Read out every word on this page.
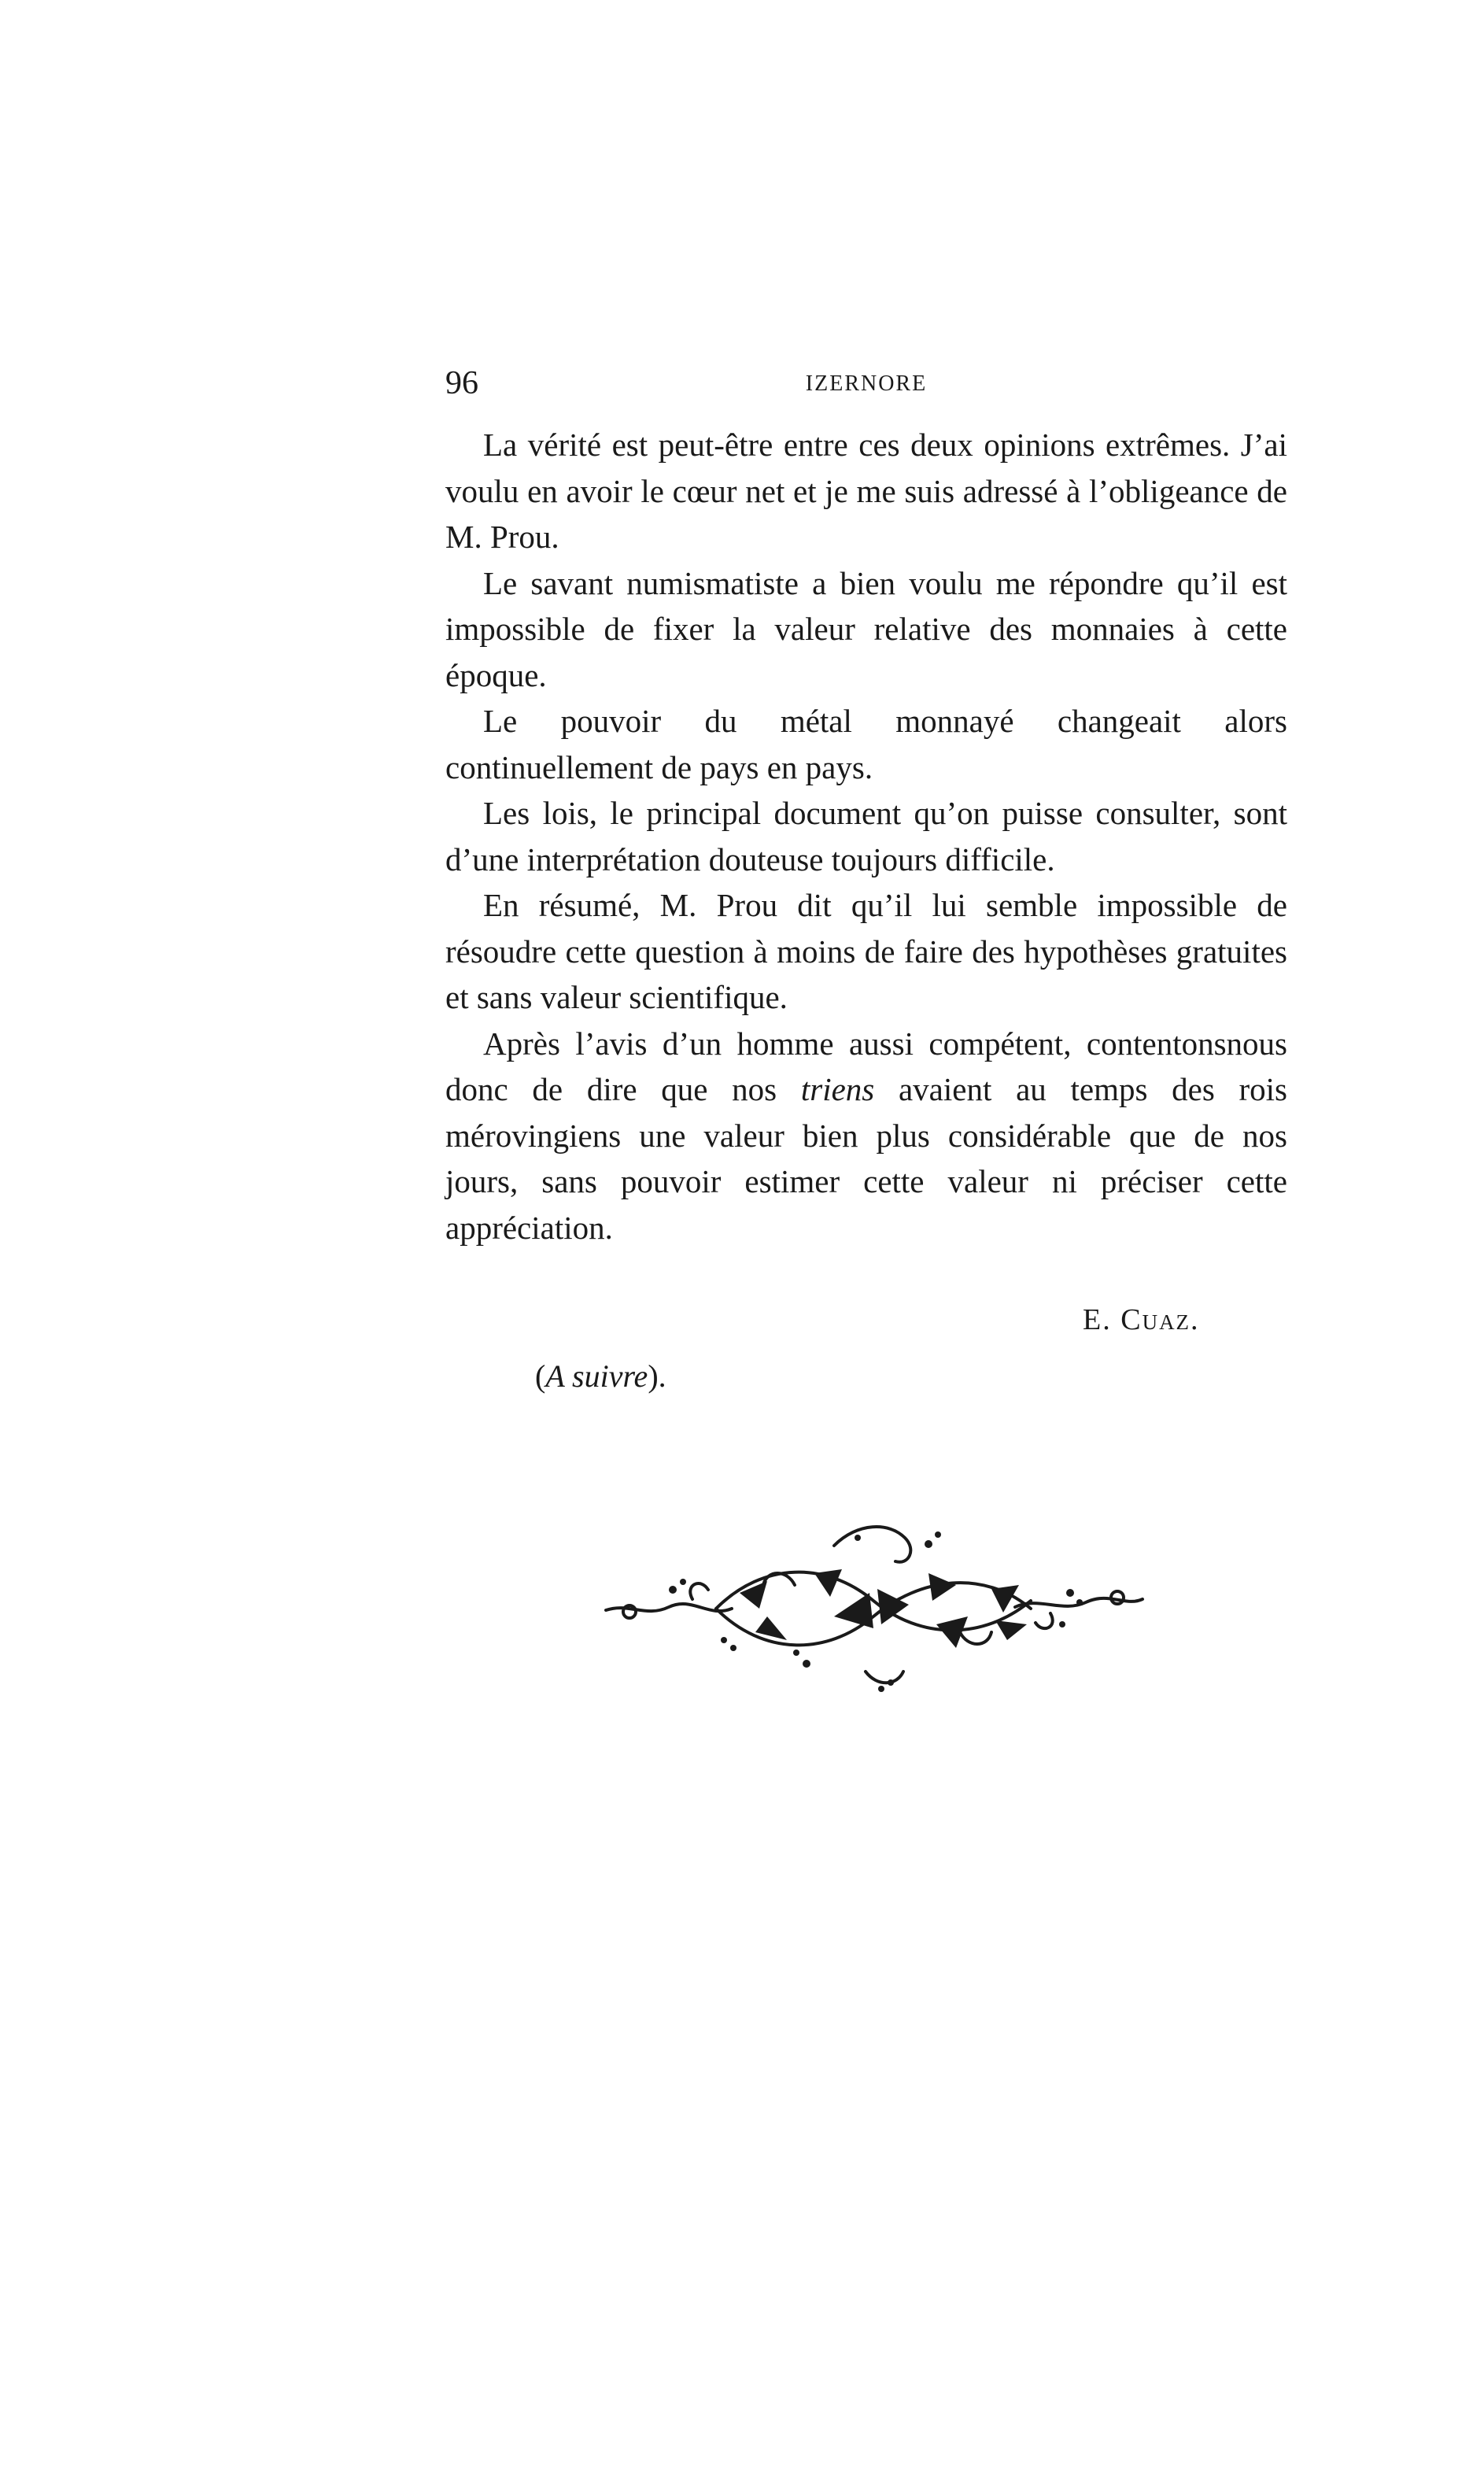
96	IZERNORE

La vérité est peut-être entre ces deux opinions extrêmes. J’ai voulu en avoir le cœur net et je me suis adressé à l’obligeance de M. Prou.

Le savant numismatiste a bien voulu me répondre qu’il est impossible de fixer la valeur relative des monnaies à cette époque.

Le pouvoir du métal monnayé changeait alors continuellement de pays en pays.

Les lois, le principal document qu’on puisse consulter, sont d’une interprétation douteuse toujours difficile.

En résumé, M. Prou dit qu’il lui semble impossible de résoudre cette question à moins de faire des hypothèses gratuites et sans valeur scientifique.

Après l’avis d’un homme aussi compétent, contentonsnous donc de dire que nos triens avaient au temps des rois mérovingiens une valeur bien plus considérable que de nos jours, sans pouvoir estimer cette valeur ni préciser cette appréciation.

E. Cuaz.
(A suivre).
